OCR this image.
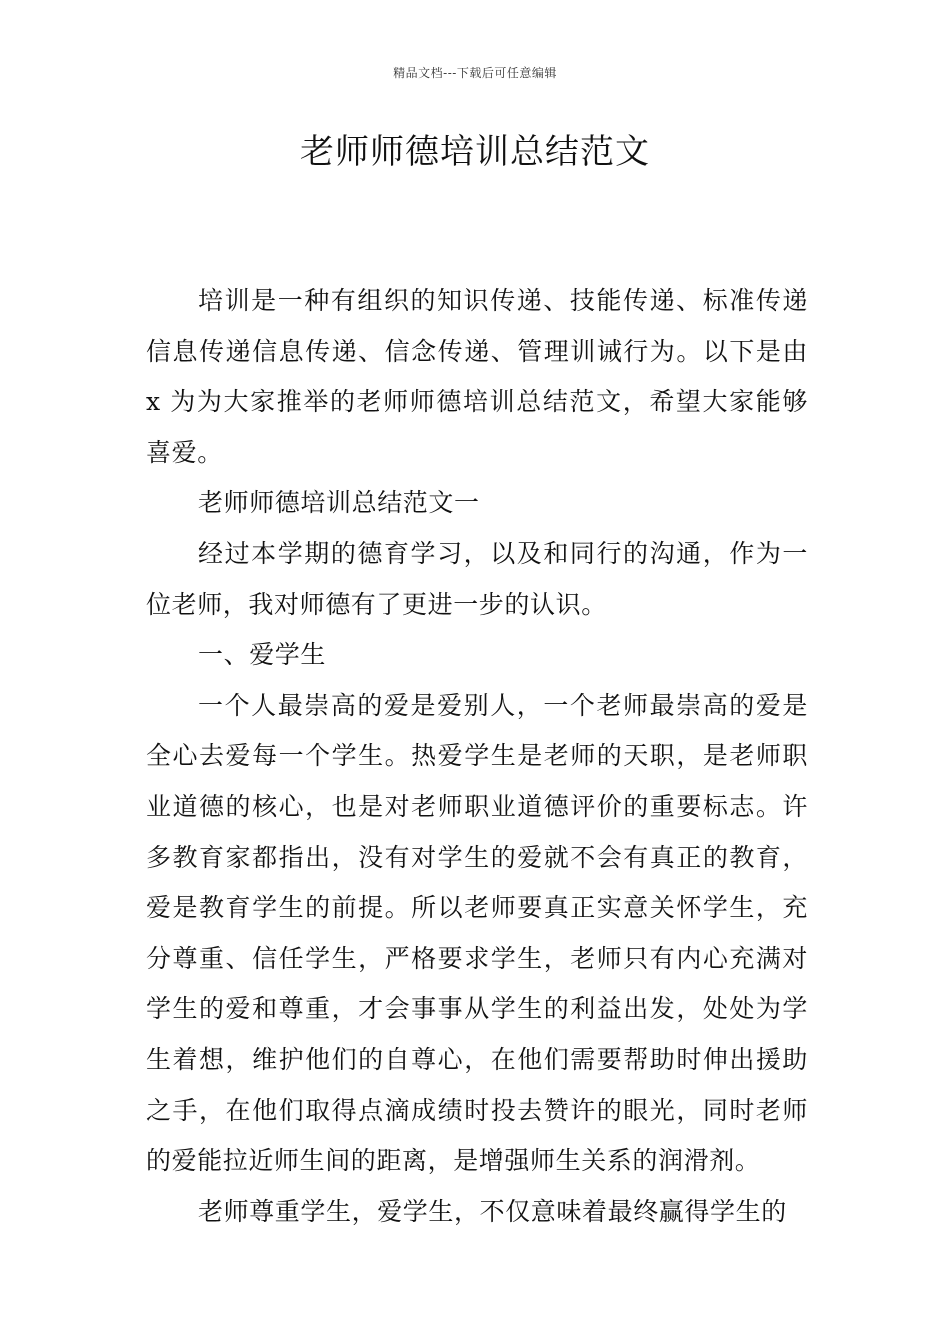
精品文档---下载后可任意编辑
老师师德培训总结范文

培训是一种有组织的知识传递、技能传递、标准传递信息传递信息传递、信念传递、管理训诫行为。以下是由 x 为为大家推举的老师师德培训总结范文，希望大家能够喜爱。

老师师德培训总结范文一

经过本学期的德育学习，以及和同行的沟通，作为一位老师，我对师德有了更进一步的认识。

一、爱学生

一个人最崇高的爱是爱别人，一个老师最崇高的爱是全心去爱每一个学生。热爱学生是老师的天职，是老师职业道德的核心，也是对老师职业道德评价的重要标志。许多教育家都指出，没有对学生的爱就不会有真正的教育，爱是教育学生的前提。所以老师要真正实意关怀学生，充分尊重、信任学生，严格要求学生，老师只有内心充满对学生的爱和尊重，才会事事从学生的利益出发，处处为学生着想，维护他们的自尊心，在他们需要帮助时伸出援助之手，在他们取得点滴成绩时投去赞许的眼光，同时老师的爱能拉近师生间的距离，是增强师生关系的润滑剂。

老师尊重学生，爱学生，不仅意味着最终赢得学生的
